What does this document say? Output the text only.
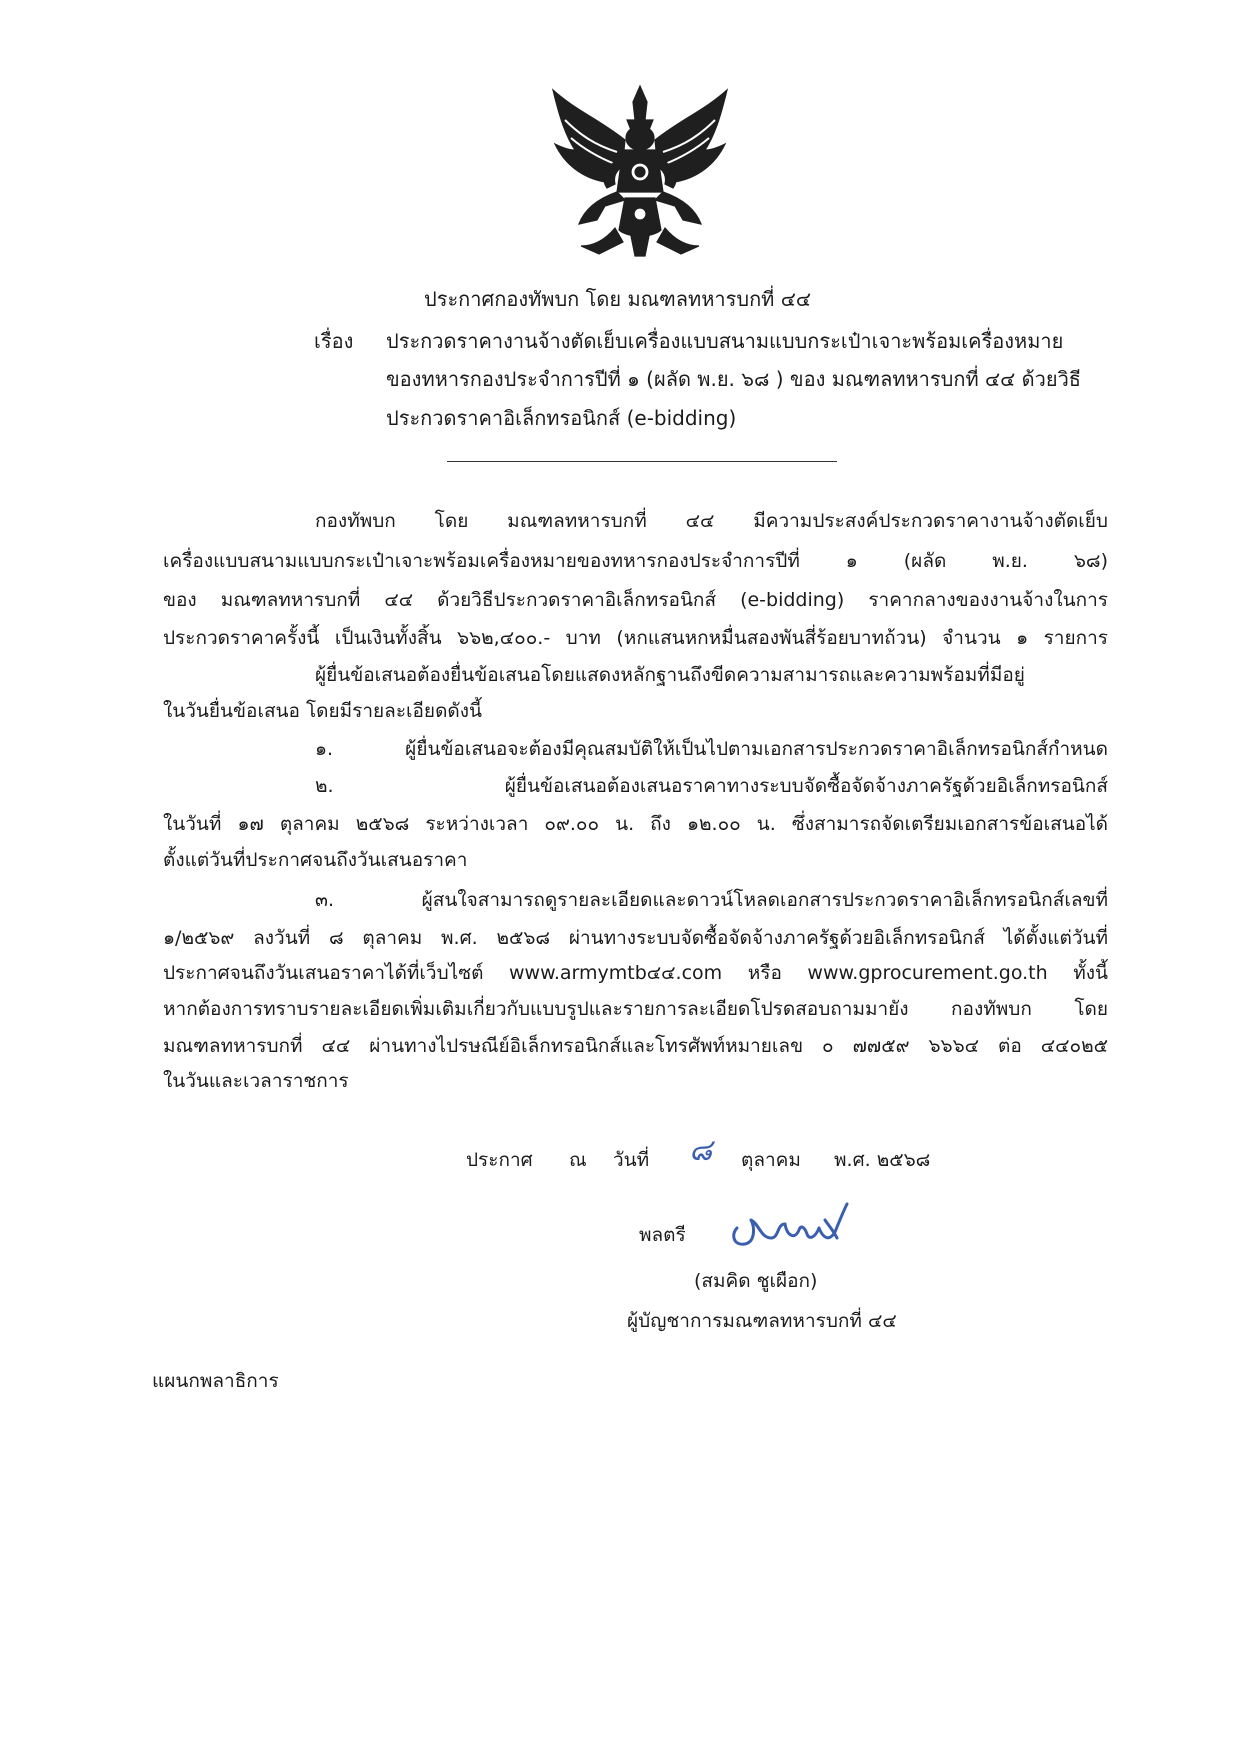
ประกาศกองทัพบก โดย มณฑลทหารบกที่ ๔๔
เรื่อง ประกวดราคางานจ้างตัดเย็บเครื่องแบบสนามแบบกระเป๋าเจาะพร้อมเครื่องหมาย
ของทหารกองประจำการปีที่ ๑ (ผลัด พ.ย. ๖๘ ) ของ มณฑลทหารบกที่ ๔๔ ด้วยวิธี
ประกวดราคาอิเล็กทรอนิกส์ (e-bidding)
กองทัพบก โดย มณฑลทหารบกที่ ๔๔ มีความประสงค์ประกวดราคางานจ้างตัดเย็บ
เครื่องแบบสนามแบบกระเป๋าเจาะพร้อมเครื่องหมายของทหารกองประจำการปีที่ ๑ (ผลัด พ.ย. ๖๘)
ของ มณฑลทหารบกที่ ๔๔ ด้วยวิธีประกวดราคาอิเล็กทรอนิกส์ (e-bidding) ราคากลางของงานจ้างในการ
ประกวดราคาครั้งนี้ เป็นเงินทั้งสิ้น ๖๖๒,๔๐๐.- บาท (หกแสนหกหมื่นสองพันสี่ร้อยบาทถ้วน) จำนวน ๑ รายการ
ผู้ยื่นข้อเสนอต้องยื่นข้อเสนอโดยแสดงหลักฐานถึงขีดความสามารถและความพร้อมที่มีอยู่
ในวันยื่นข้อเสนอ โดยมีรายละเอียดดังนี้
๑. ผู้ยื่นข้อเสนอจะต้องมีคุณสมบัติให้เป็นไปตามเอกสารประกวดราคาอิเล็กทรอนิกส์กำหนด
๒. ผู้ยื่นข้อเสนอต้องเสนอราคาทางระบบจัดซื้อจัดจ้างภาครัฐด้วยอิเล็กทรอนิกส์
ในวันที่ ๑๗ ตุลาคม ๒๕๖๘ ระหว่างเวลา ๐๙.๐๐ น. ถึง ๑๒.๐๐ น. ซึ่งสามารถจัดเตรียมเอกสารข้อเสนอได้
ตั้งแต่วันที่ประกาศจนถึงวันเสนอราคา
๓. ผู้สนใจสามารถดูรายละเอียดและดาวน์โหลดเอกสารประกวดราคาอิเล็กทรอนิกส์เลขที่
๑/๒๕๖๙ ลงวันที่ ๘ ตุลาคม พ.ศ. ๒๕๖๘ ผ่านทางระบบจัดซื้อจัดจ้างภาครัฐด้วยอิเล็กทรอนิกส์ ได้ตั้งแต่วันที่
ประกาศจนถึงวันเสนอราคาได้ที่เว็บไซต์ www.armymtb๔๔.com หรือ www.gprocurement.go.th ทั้งนี้
หากต้องการทราบรายละเอียดเพิ่มเติมเกี่ยวกับแบบรูปและรายการละเอียดโปรดสอบถามมายัง กองทัพบก โดย
มณฑลทหารบกที่ ๔๔ ผ่านทางไปรษณีย์อิเล็กทรอนิกส์และโทรศัพท์หมายเลข ๐ ๗๗๕๙ ๖๖๖๔ ต่อ ๔๔๐๒๕
ในวันและเวลาราชการ
ประกาศ ณ วันที่ ๘ ตุลาคม พ.ศ. ๒๕๖๘
พลตรี
(สมคิด ชูเผือก)
ผู้บัญชาการมณฑลทหารบกที่ ๔๔
แผนกพลาธิการ
